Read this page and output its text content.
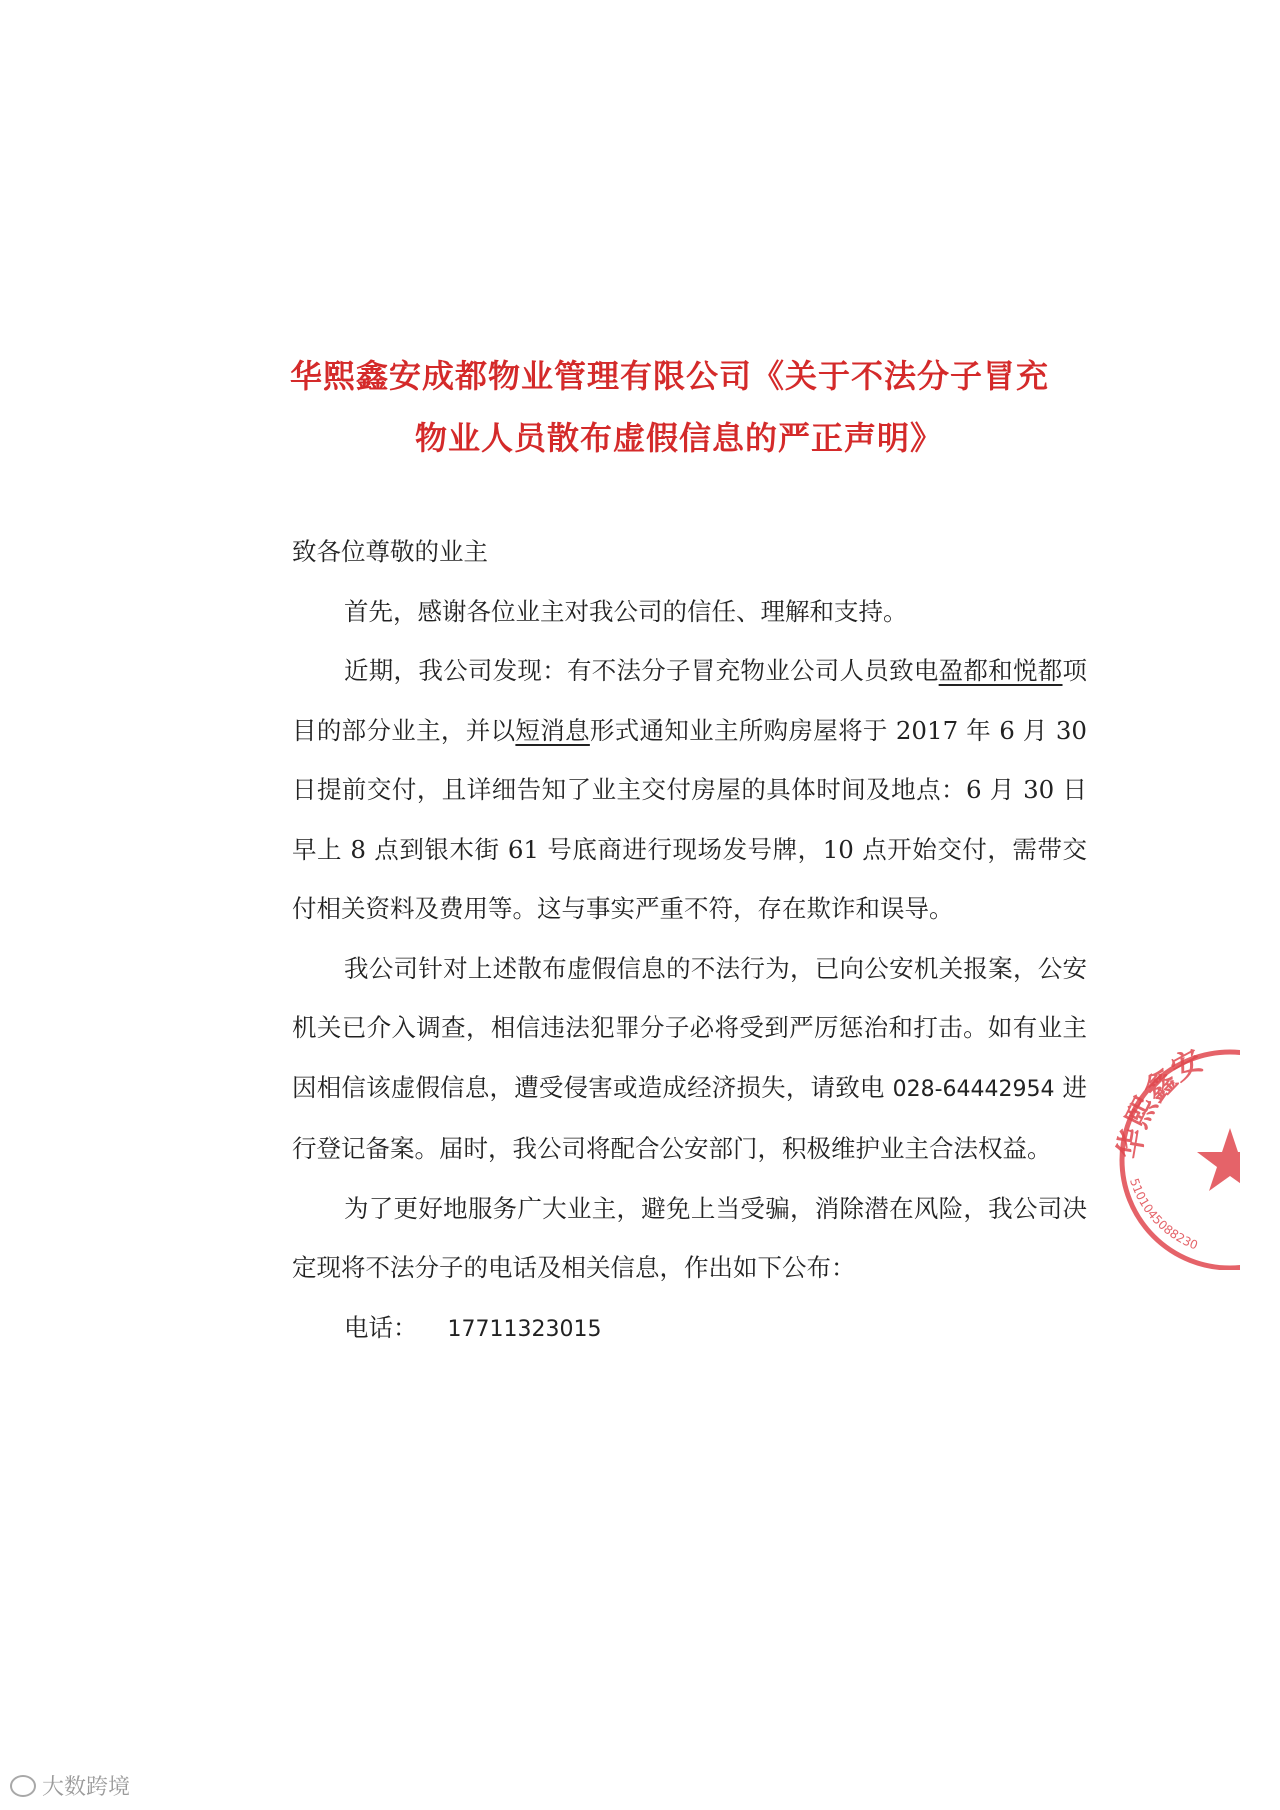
华熙鑫安成都物业管理有限公司《关于不法分子冒充
物业人员散布虚假信息的严正声明》

致各位尊敬的业主

首先，感谢各位业主对我公司的信任、理解和支持。

近期，我公司发现：有不法分子冒充物业公司人员致电盈都和悦都项目的部分业主，并以短消息形式通知业主所购房屋将于 2017 年 6 月 30 日提前交付，且详细告知了业主交付房屋的具体时间及地点：6 月 30 日早上 8 点到银木街 61 号底商进行现场发号牌，10 点开始交付，需带交付相关资料及费用等。这与事实严重不符，存在欺诈和误导。

我公司针对上述散布虚假信息的不法行为，已向公安机关报案，公安机关已介入调查，相信违法犯罪分子必将受到严厉惩治和打击。如有业主因相信该虚假信息，遭受侵害或造成经济损失，请致电 028-64442954 进行登记备案。届时，我公司将配合公安部门，积极维护业主合法权益。

为了更好地服务广大业主，避免上当受骗，消除潜在风险，我公司决定现将不法分子的电话及相关信息，作出如下公布：

电话： 17711323015

华熙鑫安
5101045088230
大数跨境
